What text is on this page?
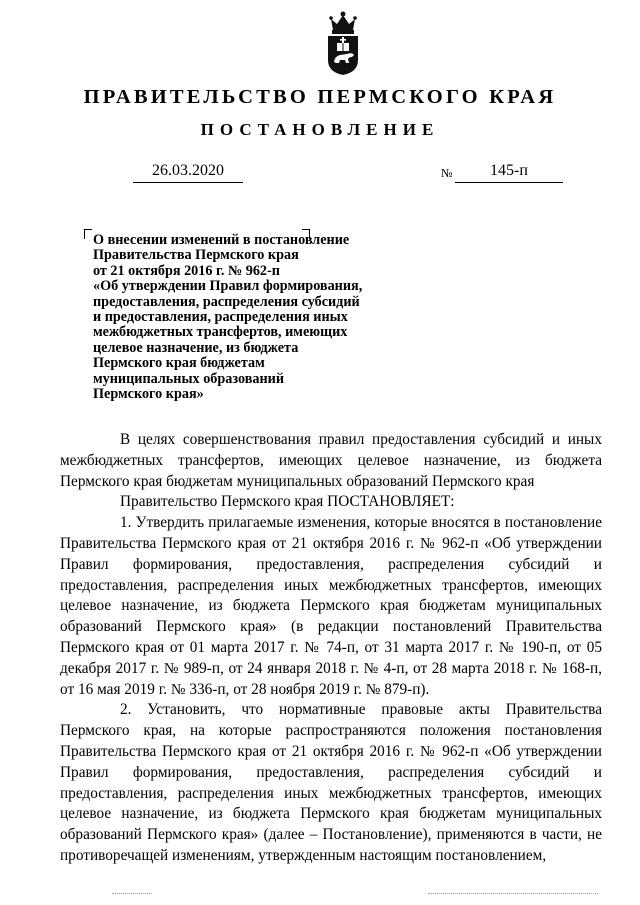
ПРАВИТЕЛЬСТВО ПЕРМСКОГО КРАЯ
ПОСТАНОВЛЕНИЕ
26.03.2020	№	145-п
О внесении изменений в постановление
Правительства Пермского края
от 21 октября 2016 г. № 962-п
«Об утверждении Правил формирования,
предоставления, распределения субсидий
и предоставления, распределения иных
межбюджетных трансфертов, имеющих
целевое назначение, из бюджета
Пермского края бюджетам
муниципальных образований
Пермского края»

В целях совершенствования правил предоставления субсидий и иных межбюджетных трансфертов, имеющих целевое назначение, из бюджета Пермского края бюджетам муниципальных образований Пермского края

Правительство Пермского края ПОСТАНОВЛЯЕТ:

1. Утвердить прилагаемые изменения, которые вносятся в постановление Правительства Пермского края от 21 октября 2016 г. № 962-п «Об утверждении Правил формирования, предоставления, распределения субсидий и предоставления, распределения иных межбюджетных трансфертов, имеющих целевое назначение, из бюджета Пермского края бюджетам муниципальных образований Пермского края» (в редакции постановлений Правительства Пермского края от 01 марта 2017 г. № 74-п, от 31 марта 2017 г. № 190-п, от 05 декабря 2017 г. № 989-п, от 24 января 2018 г. № 4-п, от 28 марта 2018 г. № 168-п, от 16 мая 2019 г. № 336-п, от 28 ноября 2019 г. № 879-п).

2. Установить, что нормативные правовые акты Правительства Пермского края, на которые распространяются положения постановления Правительства Пермского края от 21 октября 2016 г. № 962-п «Об утверждении Правил формирования, предоставления, распределения субсидий и предоставления, распределения иных межбюджетных трансфертов, имеющих целевое назначение, из бюджета Пермского края бюджетам муниципальных образований Пермского края» (далее – Постановление), применяются в части, не противоречащей изменениям, утвержденным настоящим постановлением,
